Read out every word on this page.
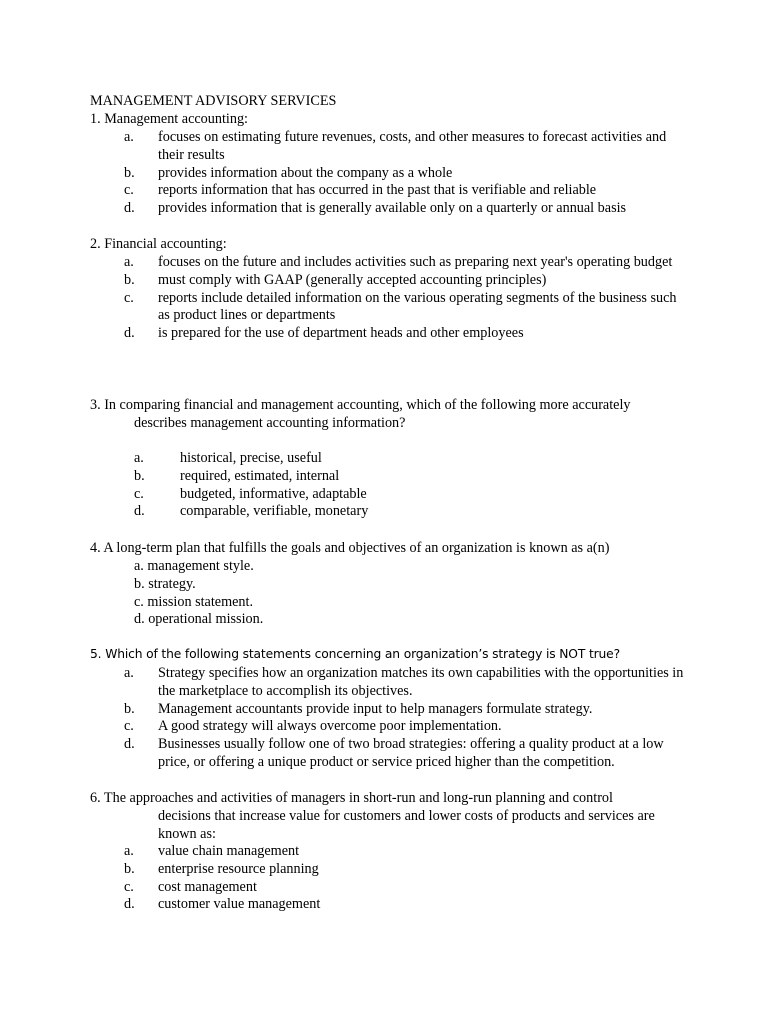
MANAGEMENT ADVISORY SERVICES
1. Management accounting:
a.	focuses on estimating future revenues, costs, and other measures to forecast activities and their results
b.	provides information about the company as a whole
c.	reports information that has occurred in the past that is verifiable and reliable
d.	provides information that is generally available only on a quarterly or annual basis
2. Financial accounting:
a.	focuses on the future and includes activities such as preparing next year's operating budget
b.	must comply with GAAP (generally accepted accounting principles)
c.	reports include detailed information on the various operating segments of the business such as product lines or departments
d.	is prepared for the use of department heads and other employees
3. In comparing financial and management accounting, which of the following more accurately
describes management accounting information?
a.	historical, precise, useful
b.	required, estimated, internal
c.	budgeted, informative, adaptable
d.	comparable, verifiable, monetary
4. A long-term plan that fulfills the goals and objectives of an organization is known as a(n)
a. management style.
b. strategy.
c. mission statement.
d. operational mission.
5. Which of the following statements concerning an organization’s strategy is NOT true?
a.	Strategy specifies how an organization matches its own capabilities with the opportunities in the marketplace to accomplish its objectives.
b.	Management accountants provide input to help managers formulate strategy.
c.	A good strategy will always overcome poor implementation.
d.	Businesses usually follow one of two broad strategies: offering a quality product at a low price, or offering a unique product or service priced higher than the competition.
6. The approaches and activities of managers in short-run and long-run planning and control
decisions that increase value for customers and lower costs of products and services are known as:
a.	value chain management
b.	enterprise resource planning
c.	cost management
d.	customer value management
